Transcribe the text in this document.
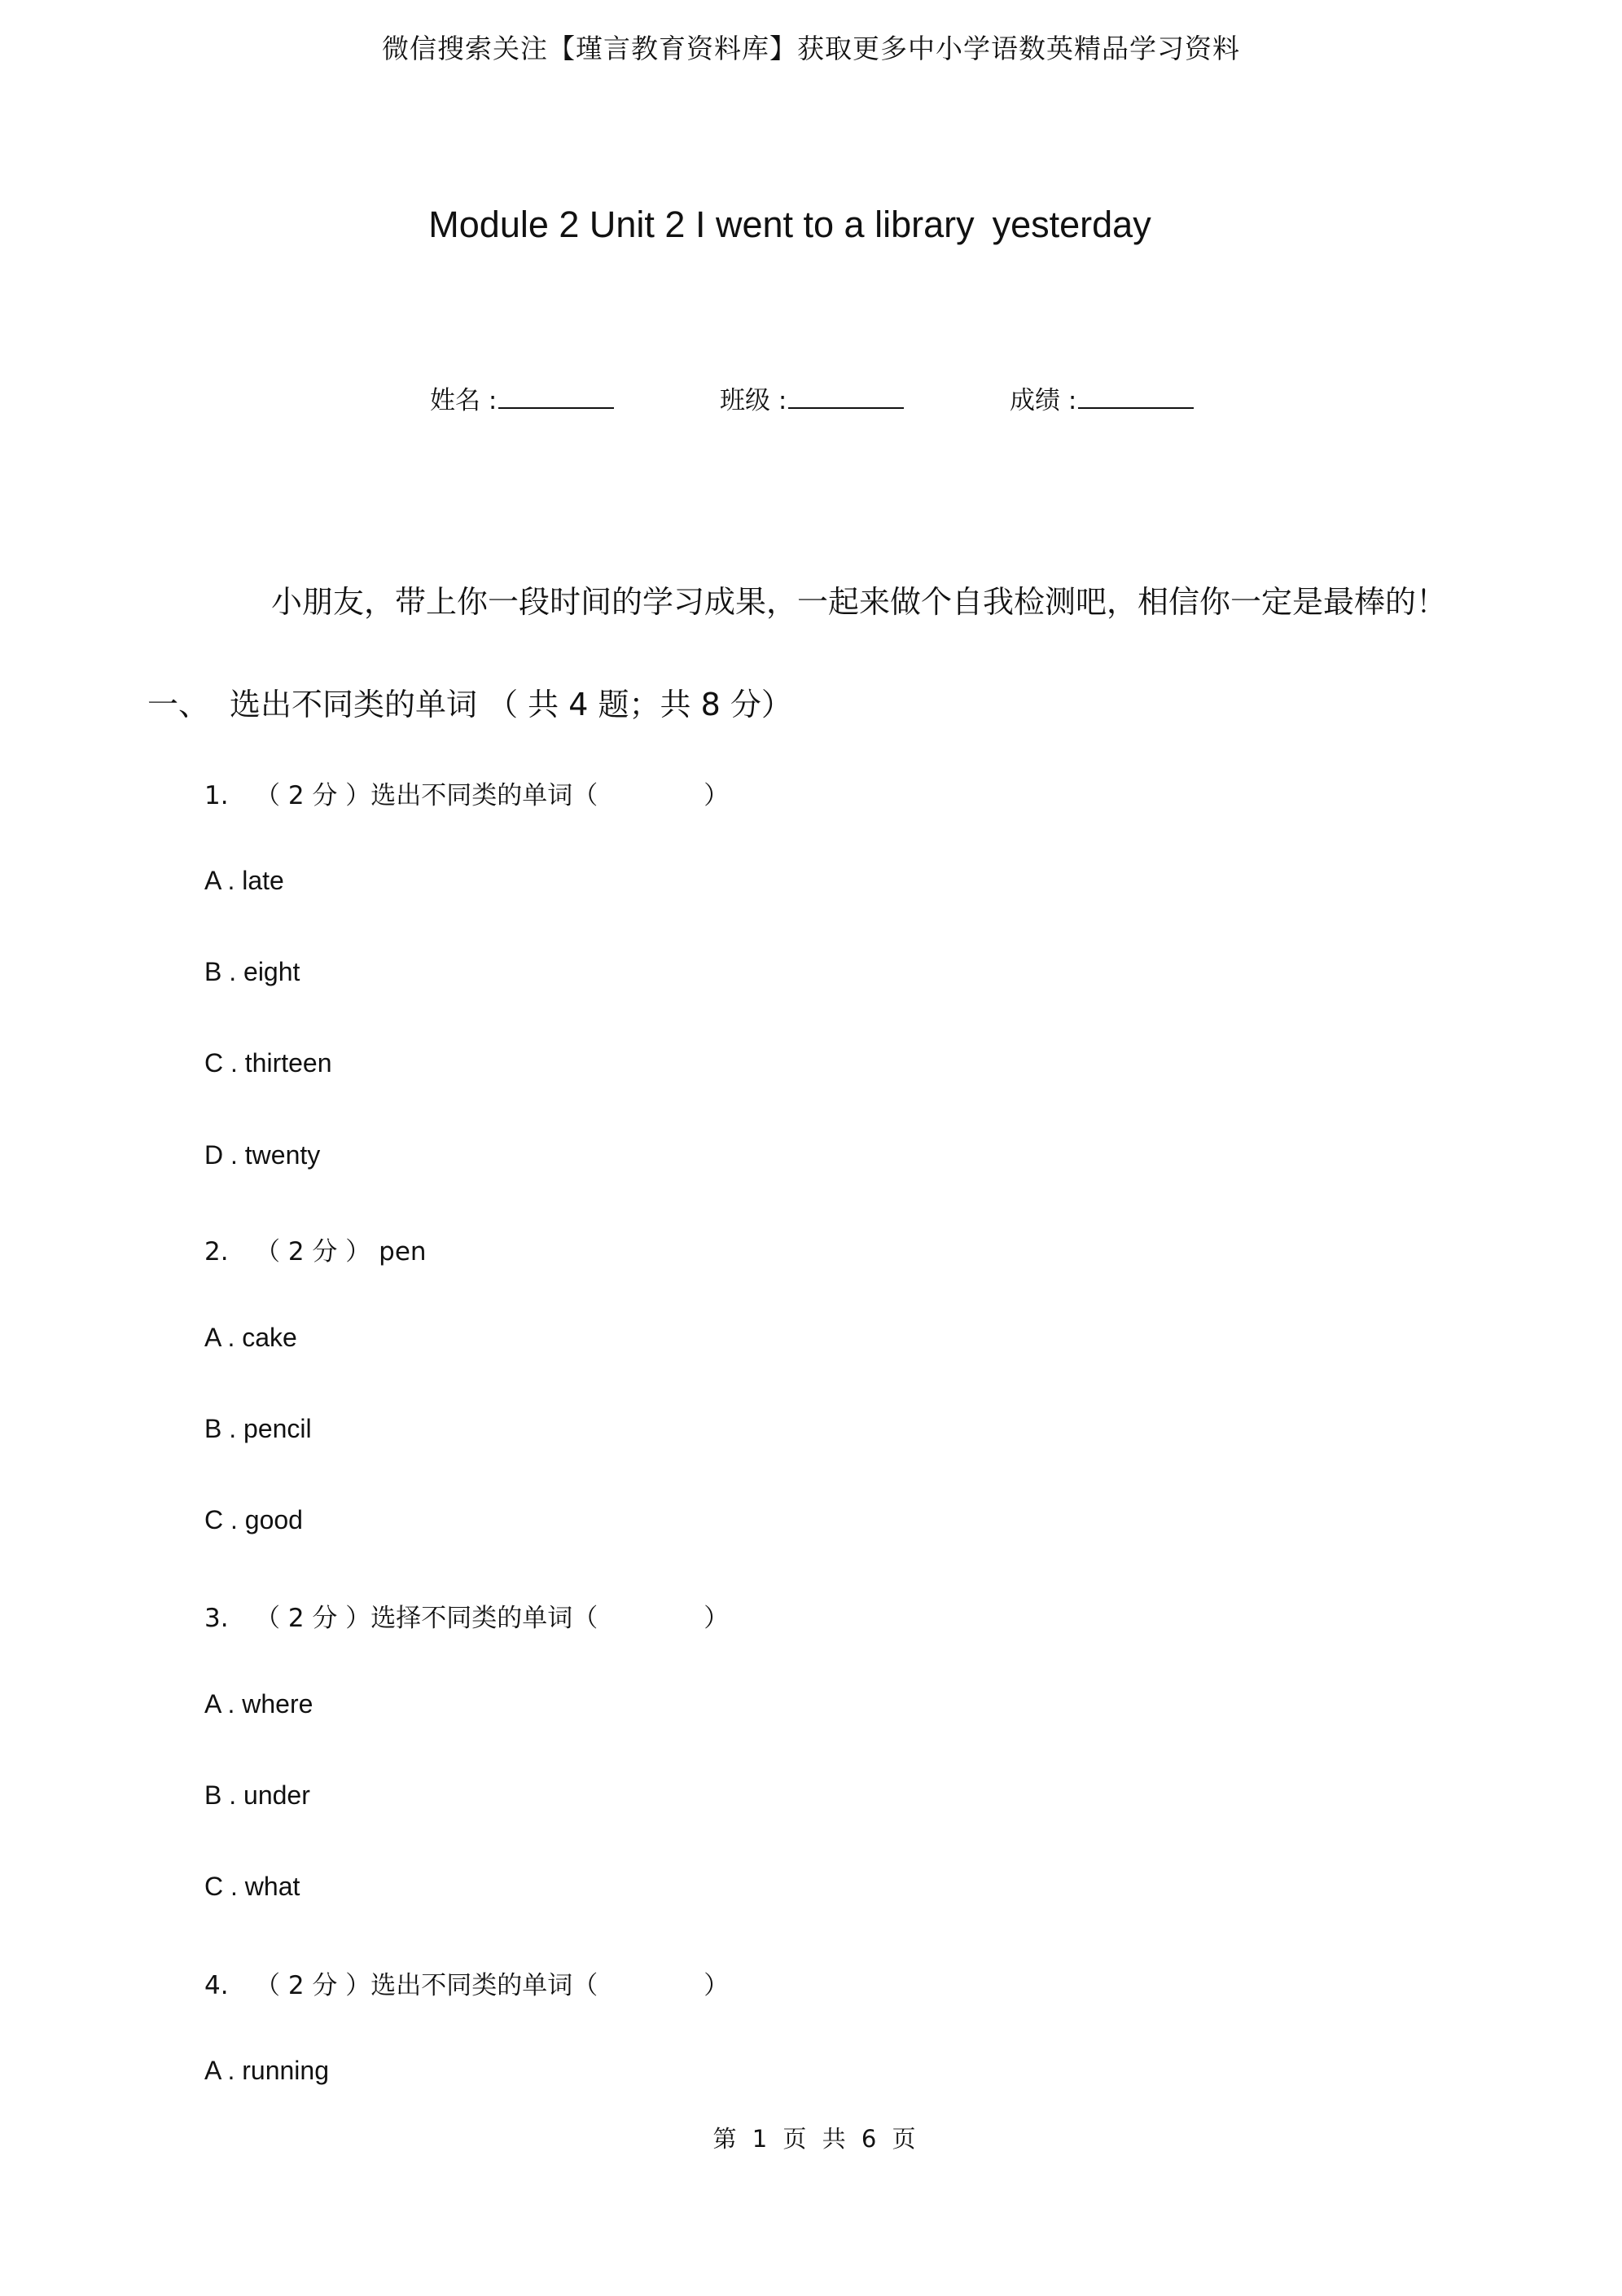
微信搜索关注【瑾言教育资料库】获取更多中小学语数英精品学习资料
Module 2 Unit 2 I went to a library yesterday
姓名 :	班级 :	成绩 :
小朋友，带上你一段时间的学习成果，一起来做个自我检测吧，相信你一定是最棒的！
一、 选出不同类的单词 （ 共 4 题；共 8 分）
1. （ 2 分 ）选出不同类的单词（	）
A . late
B . eight
C . thirteen
D . twenty
2. （ 2 分 ） pen
A . cake
B . pencil
C . good
3. （ 2 分 ）选择不同类的单词（	）
A . where
B . under
C . what
4. （ 2 分 ）选出不同类的单词（	）
A . running
第 1 页 共 6 页
